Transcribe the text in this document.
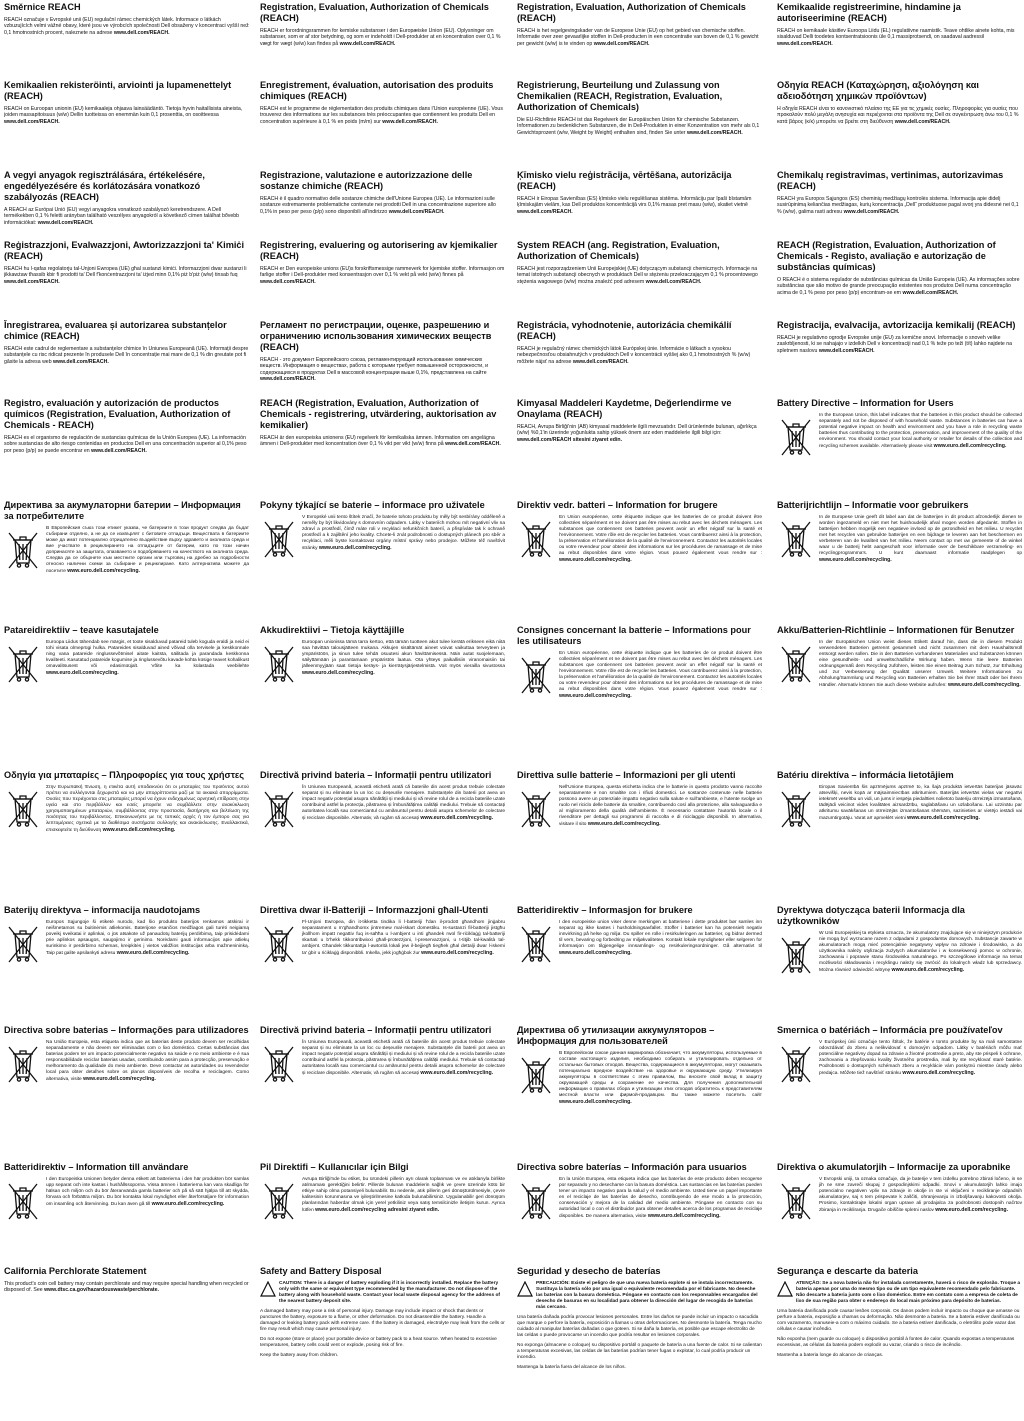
Směrnice REACH
REACH označuje v Evropské unii (EU) regulační rámec chemických látek. Informace o látkách vzbuzujících velmi vážné obavy, které jsou ve výrobcích společnosti Dell obsaženy v koncentraci vyšší než 0,1 hmotnostních procent, naleznete na adrese www.dell.com/REACH.
Kemikaalien rekisteröinti, arviointi ja lupamenettelyt (REACH)
REACH on Euroopan unionin (EU) kemikaaleja ohjaava lainsäädäntö. Tietoja hyvin haitallisista aineista, joiden massapitoisuus (w/w) Dellin tuotteissa on enemmän kuin 0,1 prosenttia, on osoitteessa www.dell.com/REACH.
A vegyi anyagok regisztrálására, értékelésére, engedélyezésére és korlátozására vonatkozó szabályozás (REACH)
A REACH az Európai Unió (EU) vegyi anyagokra vonatkozó szabályozó keretrendszere. A Dell termékekben 0,1 % feletti arányban található veszélyes anyagokról a következő címen találhat bővebb információkat: www.dell.com/REACH.
Reġistrazzjoni, Evalwazzjoni, Awtorizzazzjoni ta' Kimiċi (REACH)
REACH hu l-qafas regolatorju tal-Unjoni Ewropea (UE) għal sustanzi kimiċi. Informazzjoni dwar sustanzi li jikkawżaw tħassib kbir fi prodotti ta' Dell f'konċentrazzjoni ta' iżjed minn 0,1% piż b'piż (w/w) tinsab fuq www.dell.com/REACH.
Înregistrarea, evaluarea și autorizarea substanțelor chimice (REACH)
REACH este cadrul de reglementare a substanțelor chimice în Uniunea Europeană (UE). Informații despre substanțele cu risc ridicat prezente în produsele Dell în concentrație mai mare de 0,1 % din greutate pot fi găsite la adresa web www.dell.com/REACH.
Registro, evaluación y autorización de productos químicos (Registration, Evaluation, Authorization of Chemicals - REACH)
REACH es el organismo de regulación de sustancias químicas de la Unión Europea (UE). La información sobre sustancias de alto riesgo contenidas en productos Dell en una concentración superior al 0,1% peso por peso (p/p) se puede encontrar en www.dell.com/REACH.
Директива за акумулаторни батерии – Информация за потребителите
В Европейския съюз този етикет указва, че батериите в този продукт следва да бъдат събирани отделно, а не да се изхвърлят с битовите отпадъци. Веществата в батериите може да имат потенциално отрицателно въздействие върху здравето и околната среда и вие участвате в рециклирането на отпадъците от батерии, като по този начин допринасяте за защитата, опазването и подобряването на качеството на околната среда. Следва да се обърнете към местните органи или търговец на дребно за подробности относно налични схеми за събиране и рециклиране. Като алтернатива можете да посетите www.euro.dell.com/recycling.
Patareidirektiiv – teave kasutajatele
Euroopa Liidus tähendab see märgis, et toote sisalduvad patareid tuleb koguda eraldi ja neid ei tohi visata olmeprügi hulka. Patareides sisalduvad ained võivad olla tervisele ja keskkonnale ning vana patareide ringlussevõtmisel aitate kaitsta, säilitada ja parandada keskkonna kvaliteeti. Kasutatud patareide kogumise ja ringlussevõtu kavade kohta küsige teavet kohalikust omavalitsusest või edasimüüjalt. Võite ka külastada veebilehte www.euro.dell.com/recycling.
Οδηγία για μπαταρίες – Πληροφορίες για τους χρήστες
Στην Ευρωπαϊκή Ένωση, η ετικέτα αυτή υποδεικνύει ότι οι μπαταρίες του προϊόντος αυτού πρέπει να συλλέγονται ξεχωριστά και να μην απορρίπτονται μαζί με τα οικιακά απορρίμματα. Ουσίες που περιέχονται στις μπαταρίες μπορεί να έχουν ενδεχομένως αρνητική επίδραση στην υγεία και στο περιβάλλον και εσείς μπορείτε να συμβάλλετε στην ανακύκλωση χρησιμοποιημένων μπαταριών, συμβάλλοντας στην προστασία, διατήρηση και βελτίωση της ποιότητας του περιβάλλοντος. Επικοινωνήστε με τις τοπικές αρχές ή τον έμπορο σας για λεπτομέρειες σχετικά με τα διαθέσιμα συστήματα συλλογής και ανακύκλωσης. Εναλλακτικά, επισκεφτείτε τη διεύθυνση www.euro.dell.com/recycling.
Baterijų direktyva – informacija naudotojams
Europos Sąjungoje ši etiketė nurodo, kad šio produkto baterijos renkamos atskirai ir neišmetamos su buitinėmis atliekomis. Baterijose esančios medžiagos gali turėti neigiamą poveikį sveikatai ir aplinkai, o jūs atsakote už panaudotų baterijų perdirbimą, taip prisidėdami prie aplinkos apsaugos, saugojimo ir gerinimo. Norėdami gauti informacijos apie atliekų surinkimo ir perdirbimo schemas, kreipkitės į vietos valdžios institucijas arba mažmenininką. Taip pat galite apsilankyti adresu www.euro.dell.com/recycling.
Directiva sobre baterias – Informações para utilizadores
Na União Europeia, esta etiqueta indica que as baterias deste produto devem ser recolhidas separadamente e não devem ser eliminadas com o lixo doméstico. Certas substâncias das baterias podem ter um impacto potencialmente negativo na saúde e no meio ambiente e é sua responsabilidade reciclar baterias usadas, contribuindo assim para a protecção, preservação e melhoramento da qualidade do meio ambiente. Deve contactar as autoridades ou revendedor local para obter detalhes sobre os planos disponíveis de recolha e reciclagem. Como alternativa, visite www.euro.dell.com/recycling.
Batteridirektiv – Information till användare
I den Europeiska Unionen betyder denna etikett att batterierna i den här produkten bör samlas upp separat och inte kastas i hushållssoporna. Vissa ämnen i batterierna kan vara skadliga för hälsan och miljön och du bör återanvända gamla batterier och på så sätt hjälpa till att skydda, förvara och förbättra miljön. Du bör kontakta lokal myndighet eller återförsäljare för information om insamling och återvinning. Du kan även gå till www.euro.dell.com/recycling.
California Perchlorate Statement
This product's coin cell battery may contain perchlorate and may require special handling when recycled or disposed of. See www.dtsc.ca.gov/hazardouswaste/perchlorate.
Registration, Evaluation, Authorization of Chemicals (REACH)
REACH er forordningsrammen for kemiske substanser i den Europæiske Union (EU). Oplysninger om substanser, som er af stor betydning, og som er indeholdt i Dell-produkter at en koncentration over 0,1 % vægt for vægt (w/w) kan findes på www.dell.com/REACH.
Enregistrement, évaluation, autorisation des produits chimiques (REACH)
REACH est le programme de réglementation des produits chimiques dans l'Union européenne (UE). Vous trouverez des informations sur les substances très préoccupantes que contiennent les produits Dell en concentration supérieure à 0,1 % en poids (m/m) sur www.dell.com/REACH.
Registrazione, valutazione e autorizzazione delle sostanze chimiche (REACH)
REACH è il quadro normativo delle sostanze chimiche dell'Unione Europea (UE). Le informazioni sulle sostanze estremamente problematiche contenute nei prodotti Dell in una concentrazione superiore allo 0,1% in peso per peso (p/p) sono disponibili all'indirizzo www.dell.com/REACH.
Registrering, evaluering og autorisering av kjemikalier (REACH)
REACH er Den europeiske unions (EU)s forskriftsmessige rammeverk for kjemiske stoffer. Informasjon om farlige stoffer i Dell-produkter med konsentrasjon over 0,1 % vekt på vekt (w/w) finnes på www.dell.com/REACH.
Регламент по регистрации, оценке, разрешению и ограничению использования химических веществ (REACH)
REACH - это документ Европейского союза, регламентирующий использование химических веществ. Информация о веществах, работа с которыми требует повышенной осторожности, и содержащихся в продуктах Dell в массовой концентрации выше 0,1%, представлена на сайте www.dell.com/REACH.
REACH (Registration, Evaluation, Authorization of Chemicals - registrering, utvärdering, auktorisation av kemikalier)
REACH är den europeiska unionens (EU) regelverk för kemikaliska ämnen. Information om angelägna ämnen i Dell-produkter med koncentration över 0,1 % vikt per vikt (w/w) finns på www.dell.com/REACH.
Pokyny týkající se baterie – informace pro uživatele
V Evropské unii tento štítek značí, že baterie tohoto produktu by měly být sesbírány odděleně a neměly by být likvidovány s domovním odpadem. Látky v bateriích mohou mít negativní vliv na zdraví a prostředí, čímž máte roli v recyklaci nefunkčních baterií, a přispíváte tak k ochraně prostředí a k zajištění jeho kvality. Chcete-li znát podrobnosti o dostupných plánech pro sběr a recyklaci, měli byste kontaktovat orgány místní správy nebo prodejce. Můžete též navštívit stránky www.euro.dell.com/recycling.
Akkudirektiivi – Tietoja käyttäjille
Euroopan unionissa tämä tarra kertoo, että tämän tuotteen akut tulee kerätä erikseen eikä niitä saa hävittää talousjätteen mukana. Akkujen sisältämät aineet voivat vaikuttaa terveyteen ja ympäristöön, ja sinun tulee tehdä osuutesi akun hävittämisessä. Näin autat suojelemaan, säilyttämään ja parantamaan ympäristön laatua. Ota yhteys paikallisiin viranomaisiin tai jälleenmyyjään saat tietoja keräys- ja kierrätysjärjestelmistä. Voit myös vierailla sivustossa www.euro.dell.com/recycling.
Directivă privind bateria – Informații pentru utilizatori
În Uniunea Europeană, această etichetă arată că bateriile din acest produs trebuie colectate separat și nu eliminate la un loc cu deșeurile menajere. Substanțele din baterii pot avea un impact negativ potențial asupra sănătății și mediului și vă revine rolul de a recicla bateriile uzate contribuind astfel la protecția, păstrarea și îmbunătățirea calității mediului. Trebuie să contactați autoritatea locală sau comerciantul cu amănuntul pentru detalii asupra schemelor de colectare și reciclare disponibile. Alternativ, vă rugăm să accesați www.euro.dell.com/recycling.
Direttiva dwar il-Batteriji – Informazzjoni għall-Utenti
Fl-Unjoni Ewropea, din it-tikketta tindika li l-batteriji f'dan il-prodott għandhom jinġabru separatament u m'għandhomx jintremew mal-iskart domestiku. Is-sustanzi fil-batteriji jistgħu jkollhom impatt negattiv fuq is-saħħa u l-ambjent u inti għandek rwol fir-riċiklaġġ tal-batteriji skartati u b'hekk tikkontribwixxi għall-protezzjoni, l-preservazzjoni, u t-titjib tal-kwalità tal-ambjent. Għandek tikkuntattja l-awtorità lokali jew il-bejjiegħ tiegħek għal dettalji dwar l-iskemi ta' ġbir u riċiklaġġ disponibbli. Inkella, jekk jogħġbok żur www.euro.dell.com/recycling.
Directivă privind bateria – Informații pentru utilizatori
În Uniunea Europeană, această etichetă arată că bateriile din acest produs trebuie colectate separat și nu eliminate la un loc cu deșeurile menajere. Substanțele din baterii pot avea un impact negativ potențial asupra sănătății și mediului și vă revine rolul de a recicla bateriile uzate contribuind astfel la protecția, păstrarea și îmbunătățirea calității mediului. Trebuie să contactați autoritatea locală sau comerciantul cu amănuntul pentru detalii asupra schemelor de colectare și reciclare disponibile. Alternativ, vă rugăm să accesați www.euro.dell.com/recycling.
Pil Direktifi – Kullanıcılar için Bilgi
Avrupa Birliği'nde bu etiket, bu üründeki pillerin ayrı olarak toplanması ve ev atıklarıyla birlikte atılmaması gerektiğini belirtir. Pillerde bulunan maddelerin sağlık ve çevre üzerinde kötü bir etkiye sahip olma potansiyeli bulunabilir. Bu nedenle, atık pillerin geri dönüştürülmesiyle, çevre kalitesinin korunmasına ve iyileştirilmesine katkıda bulunabilirsiniz. Uygulanabilir geri dönüşüm planlarından haberdar olmak için yerel yetkiliniz veya satış temsilcinizle iletişim kurun. Ayrıca lütfen www.euro.dell.com/recycling adresini ziyaret edin.
Safety and Battery Disposal
CAUTION: There is a danger of battery exploding if it is incorrectly installed. Replace the battery only with the same or equivalent type recommended by the manufacturer. Do not dispose of the battery along with household waste. Contact your local waste disposal agency for the address of the nearest battery deposit site.
A damaged battery may pose a risk of personal injury. Damage may include impact or shock that dents or punctures the battery, exposure to a flame, or other deformation. Do not disassemble the battery. Handle a damaged or leaking battery pack with extreme care. If the battery is damaged, electrolyte may leak from the cells or fire may result which may cause personal injury.
Do not expose (store or place) your portable device or battery pack to a heat source. When heated to excessive temperatures, battery cells could vent or explode, posing risk of fire.
Keep the battery away from children.
Registration, Evaluation, Authorization of Chemicals (REACH)
REACH is het regelgevingskader van de Europese Unie (EU) op het gebied van chemische stoffen. Informatie over zeer gevaarlijke stoffen in Dell-producten in een concentratie van boven de 0,1 % gewicht per gewicht (w/w) is te vinden op www.dell.com/REACH.
Registrierung, Beurteilung und Zulassung von Chemikalien (REACH, Registration, Evaluation, Authorization of Chemicals)
Die EU-Richtlinie REACH ist das Regelwerk der Europäischen Union für chemische Substanzen. Informationen zu bedenklichen Substanzen, die in Dell-Produkten in einer Konzentration von mehr als 0,1 Gewichtsprozent (w/w, Weight by Weight) enthalten sind, finden Sie unter www.dell.com/REACH.
Ķīmisko vielu reģistrācija, vērtēšana, autorizācija (REACH)
REACH ir Eiropas Savienības (ES) ķīmisko vielu regulēšanas sistēma. Informāciju par īpaši bīstamām ķīmiskajām vielām, kas Dell produktos koncentrācijā virs 0,1% masas pret masu (w/w), skatiet vietnē www.dell.com/REACH.
System REACH (ang. Registration, Evaluation, Authorization of Chemicals)
REACH jest rozporządzeniem Unii Europejskiej (UE) dotyczącym substancji chemicznych. Informacje na temat istotnych substancji obecnych w produktach Dell w stężeniu przekraczającym 0,1 % procentowego stężenia wagowego (w/w) można znaleźć pod adresem www.dell.com/REACH.
Registrácia, vyhodnotenie, autorizácia chemikálií (REACH)
REACH je regulačný rámec chemických látok Európskej únie. Informácie o látkach s vysokou nebezpečnosťou obsiahnutých v produktoch Dell v koncentrácii vyššej ako 0,1 hmotnostných % (w/w) môžete nájsť na adrese www.dell.com/REACH.
Kimyasal Maddeleri Kaydetme, Değerlendirme ve Onaylama (REACH)
REACH, Avrupa Birliği'nin (AB) kimyasal maddelerle ilgili mevzuatıdır. Dell ürünlerinde bulunan, ağırlıkça (w/w) %0,1'in üzerinde yoğunlukta sahip yüksek önem arz eden maddelerle ilgili bilgi için: www.dell.com/REACH sitesini ziyaret edin.
Direktiv vedr. batteri – Information for brugere
En Union européenne, cette étiquette indique que les batteries de ce produit doivent être collectées séparément et ne doivent pas être mises au rebut avec les déchets ménagers. Les substances que contiennent ces batteries peuvent avoir un effet négatif sur la santé et l'environnement. Votre rôle est de recycler les batteries. Vous contribuerez ainsi à la protection, la préservation et l'amélioration de la qualité de l'environnement. Contactez les autorités locales ou votre revendeur pour obtenir des informations sur les procédures de ramassage et de mise au rebut disponibles dans votre région. Vous pouvez également vous rendre sur : www.euro.dell.com/recycling.
Consignes concernant la batterie – Informations pour les utilisateurs
En Union européenne, cette étiquette indique que les batteries de ce produit doivent être collectées séparément et ne doivent pas être mises au rebut avec les déchets ménagers. Les substances que contiennent ces batteries peuvent avoir un effet négatif sur la santé et l'environnement. Votre rôle est de recycler les batteries. Vous contribuerez ainsi à la protection, la préservation et l'amélioration de la qualité de l'environnement. Contactez les autorités locales ou votre revendeur pour obtenir des informations sur les procédures de ramassage et de mise au rebut disponibles dans votre région. Vous pouvez également vous rendre sur : www.euro.dell.com/recycling.
Direttiva sulle batterie – Informazioni per gli utenti
Nell'Unione Europea, questa etichetta indica che le batterie in questo prodotto vanno raccolte separatamente e non smaltite con i rifiuti domestici. Le sostanze contenute nelle batterie possono avere un potenziale impatto negativo sulla salute e sull'ambiente, e l'utente svolge un ruolo nel riciclo delle batterie da smaltire, contribuendo così alla protezione, alla salvaguardia e al miglioramento della qualità dell'ambiente. È necessario contattare l'autorità locale o il rivenditore per dettagli sui programmi di raccolta e di riciclaggio disponibili. In alternativa, visitare il sito www.euro.dell.com/recycling.
Batteridirektiv – Informasjon for brukere
I den europeiske union viser denne merkingen at batteriene i dette produktet bør samles inn separat og ikke kastes i husholdningsavfallet. Stoffer i batterier kan ha potensielt negativ innvirkning på helse og miljø. Du spiller en rolle i resirkuleringen av batterier, og bidrar dermed til vern, bevaring og forbedring av miljøkvaliteten. Kontakt lokale myndigheter eller selgeren for informasjon om tilgjengelige innsamlings- og resirkuleringsordninger. Gå alternativt til www.euro.dell.com/recycling.
Директива об утилизации аккумуляторов – Информация для пользователей
В Европейском союзе данная маркировка обозначает, что аккумуляторы, используемые в составе настоящего изделия, необходимо собирать и утилизировать отдельно от остальных бытовых отходов. Вещества, содержащиеся в аккумуляторах, могут оказывать потенциально вредное воздействие на здоровье и окружающую среду. Утилизируя аккумуляторы в соответствии с этим правилом, Вы вносите свой вклад в защиту окружающей среды и сохранение ее качества. Для получения дополнительной информации о правилах сбора и утилизации этих отходов обратитесь к представителям местной власти или фирмой-продавцом. Вы также можете посетить сайт www.euro.dell.com/recycling.
Directiva sobre baterías – Información para usuarios
En la Unión Europea, esta etiqueta indica que las baterías de este producto deben recogerse por separado y no desecharse con la basura doméstica. Las sustancias en las baterías pueden tener un impacto negativo para la salud y el medio ambiente. Usted tiene un papel importante en el reciclaje de las baterías de desecho, contribuyendo de ese modo a la protección, conservación y mejora de la calidad del medio ambiente. Póngase en contacto con su autoridad local o con el distribuidor para obtener detalles acerca de los programas de reciclaje disponibles. De manera alternativa, visite www.euro.dell.com/recycling.
Seguridad y desecho de baterías
PRECAUCIÓN: Existe el peligro de que una nueva batería explote si se instala incorrectamente. Sustituya la batería sólo por una igual o equivalente recomendada por el fabricante. No deseche las baterías con la basura doméstica. Póngase en contacto con los responsables encargados del desecho de basuras en su localidad para obtener la dirección del lugar de recogida de baterías más cercano.
Una batería dañada podría provocar lesiones personales. Entre los daños se puede incluir un impacto o sacudida que marque o perfore la batería, exposición a llamas u otras deformaciones. No desmonte la batería. Tenga mucho cuidado al manipular baterías dañadas o que goteen. Si se daña la batería, es posible que escape electrolito de las celdas o puede provocarse un incendio que podría resultar en lesiones corporales.
No exponga (almacene o coloque) su dispositivo portátil o paquete de batería a una fuente de calor. Si se calientan a temperaturas excesivas, las celdas de las baterías podrían tener fugas o explotar, lo cual podría producir un incendio.
Mantenga la batería fuera del alcance de los niños.
Kemikaalide registreerimine, hindamine ja autoriseerimine (REACH)
REACH on kemikaale käsitlev Euroopa Liidu (EL) regulatiivne raamistik. Teave ohtlike ainete kohta, mis sisalduvad Delli toodetes kontsentratsioonis üle 0,1 massiprotsendi, on saadaval aadressil www.dell.com/REACH.
Οδηγία REACH (Καταχώρηση, αξιολόγηση και αδειοδότηση χημικών προϊόντων)
Η οδηγία REACH είναι το κανονιστικό πλαίσιο της ΕΕ για τις χημικές ουσίες. Πληροφορίες για ουσίες που προκαλούν πολύ μεγάλη ανησυχία και περιέχονται στα προϊόντα της Dell σε συγκέντρωση άνω του 0,1 % κατά βάρος (κ/κ) μπορείτε να βρείτε στη διεύθυνση www.dell.com/REACH.
Chemikalų registravimas, vertinimas, autorizavimas (REACH)
REACH yra Europos Sąjungos (ES) cheminių medžiagų kontrolės sistema. Informacija apie didelį susirūpinimą keliančias medžiagas, kurių koncentracija „Dell“ produktuose pagal svorį yra didesnė nei 0,1 % (w/w), galima rasti adresu www.dell.com/REACH.
REACH (Registration, Evaluation, Authorization of Chemicals - Registo, avaliação e autorização de substâncias químicas)
O REACH é o sistema regulador de substâncias químicas da União Europeia (UE). As informações sobre substâncias que são motivo de grande preocupação existentes nos produtos Dell numa concentração acima de 0,1 % peso por peso (p/p) encontram-se em www.dell.com/REACH.
Registracija, evalvacija, avtorizacija kemikalij (REACH)
REACH je regulativno ogrodje Evropske unije (EU) za kemične snovi. Informacije o snoveh velike zaskrbljenosti, ki se nahajajo v izdelkih Dell v koncentraciji nad 0,1 % teže po teži (t/t) lahko najdete na spletnem naslovu www.dell.com/REACH.
Battery Directive – Information for Users
In the European Union, this label indicates that the batteries in this product should be collected separately and not be disposed of with household waste. Substances in batteries can have a potential negative impact on health and environment and you have a role in recycling waste batteries thus contributing to the protection, preservation, and improvement of the quality of the environment. You should contact your local authority or retailer for details of the collection and recycling schemes available. Alternatively please visit www.euro.dell.com/recycling.
Batterijrichtlijn – Informatie voor gebruikers
In de Europese Unie geeft dit label aan dat de batterijen in dit product afzonderlijk dienen te worden ingezameld en niet met het huishoudelijk afval mogen worden afgedankt. Stoffen in batterijen hebben mogelijk een negatieve invloed op de gezondheid en het milieu. U recyclet met het recyclen van gebruikte batterijen en een bijdrage te leveren aan het beschermen en verbeteren van de kwaliteit van het milieu. Neem contact op met uw gemeente of de winkel waar u de batterij hebt aangeschaft voor informatie over de beschikbare verzameling- en recyclingprogramma's. U kunt daarnaast informatie raadplegen op www.euro.dell.com/recycling.
Akku/Batterien-Richtlinie – Informationen für Benutzer
In der Europäischen Union weist dieses Etikett darauf hin, dass die in diesem Produkt verwendeten Batterien getrennt gesammelt und nicht zusammen mit dem Haushaltsmüll entsorgt werden sollen. Die in den Batterien vorhandenen Materialien und Substanzen können eine gesundheits- und umweltschädliche Wirkung haben. Wenn Sie leere Batterien ordnungsgemäß dem Recycling zuführen, leisten Sie einen Beitrag zum Schutz, zur Erhaltung und zur Verbesserung der Qualität unserer Umwelt. Weitere Informationen zu Abholung/Sammlung und Recycling von Batterien erhalten Sie bei Ihrer Stadt oder bei Ihrem Händler. Alternativ können Sie auch diese Website aufrufen: www.euro.dell.com/recycling.
Batériu direktíva – informácia lietotājiem
Eiropas Savienībā šis apzīmējums apzīmē to, ka šajā produktā ietvertās baterijas jāsavāc atsevišķi, nevis kopā ar mājsaimniecības atkritumiem. Baterijās ietvertās vielas var negatīvi ietekmēt veselību un vidi, un jums ir iespēja piedalīties nolietoto bateriju otrreizējā izmantošanā, tādējādi veicinot vides kvalitātes aizsardzību, saglabāšanu un uzlabošanu. Lai uzzinātu par atkritumu savākšanas un otrreizējās izmantošanas shēmām, sazinieties ar vietējo iestādi vai mazumtirgotāju. Varat arī apmeklēt vietni www.euro.dell.com/recycling.
Dyrektywa dotycząca baterii Informacja dla użytkowników
W Unii Europejskiej ta etykieta oznacza, że akumulatory znajdujące się w niniejszym produkcie nie mogą być wyrzucane razem z odpadami z gospodarstw domowych. Substancje zawarte w akumulatorach mogą mieć potencjalnie negatywny wpływ na zdrowie i środowisko, a do użytkownika należy utylizacja zużytych akumulatorów i w konsekwencji pomoc w ochronie, zachowaniu i poprawie stanu środowiska naturalnego. Po szczegółowe informacje na temat możliwości składowania i recyklingu należy się zwrócić do lokalnych władz lub sprzedawcy. Można również odwiedzić witrynę www.euro.dell.com/recycling.
Smernica o batériách – Informácia pre používateľov
V Európskej únii označuje tento štítok, že batérie v tomto produkte by sa mali samostatne odovzdávať do zberu a nelikvidovať s domovým odpadom. Látky v batériách môžu mať potenciálne negatívny dopad na zdravie a životné prostredie a preto, aby ste prispeli k ochrane, zachovaniu a zlepšovaniu kvality životného prostredia, mali by ste recyklovať staré batérie. Podrobnosti o dostupných schémach zberu a recyklácie vám poskytnú miestne úrady alebo predajca. Môžete tiež navštíviť stránku www.euro.dell.com/recycling.
Direktiva o akumulatorjih – Informacije za uporabnike
V Evropski uniji, ta oznaka označuje, da je baterije v tem izdelku potrebno zbirati ločeno, in se jih ne sme zavreči skupaj z gospodinjskimi odpadki. Snovi v akumulatorjih lahko imajo potencialno negativen vpliv na zdravje in okolje in ste vi vključeni v recikliranje odpadnih akumulatorjev, saj s tem prispevate k zaščiti, ohranjevanju in izboljšavanju kakovosti okolja. Prosimo, kontaktirajte lokalni organ uprave ali prodajalca za podrobnosti dostopnih načrtov zbiranja in recikliranja. Drugače obiščite spletni naslov www.euro.dell.com/recycling.
Segurança e descarte da bateria
ATENÇÃO: Se a nova bateria não for instalada corretamente, haverá o risco de explosão. Troque a bateria apenas por uma do mesmo tipo ou de um tipo equivalente recomendado pelo fabricante. Não descarte a bateria junto com o lixo doméstico. Entre em contato com a empresa de coleta de lixo de sua região para obter o endereço do local mais próximo para depósito de baterias.
Uma bateria danificada pode causar lesões corporais. Os danos podem incluir impacto ou choque que amasse ou perfure a bateria, exposição a chamas ou deformação. Não desmonte a bateria. Se a bateria estiver danificada ou com vazamento, manuseie-a com o máximo cuidado. Se a bateria estiver danificada, o eletrólito pode vazar das células e causar incêndio.
Não exponha (nem guarde ou coloque) o dispositivo portátil à fontes de calor. Quando expostas a temperaturas excessivas, as células da bateria podem explodir ou vazar, criando o risco de incêndio.
Mantenha a bateria longe do alcance de crianças.
